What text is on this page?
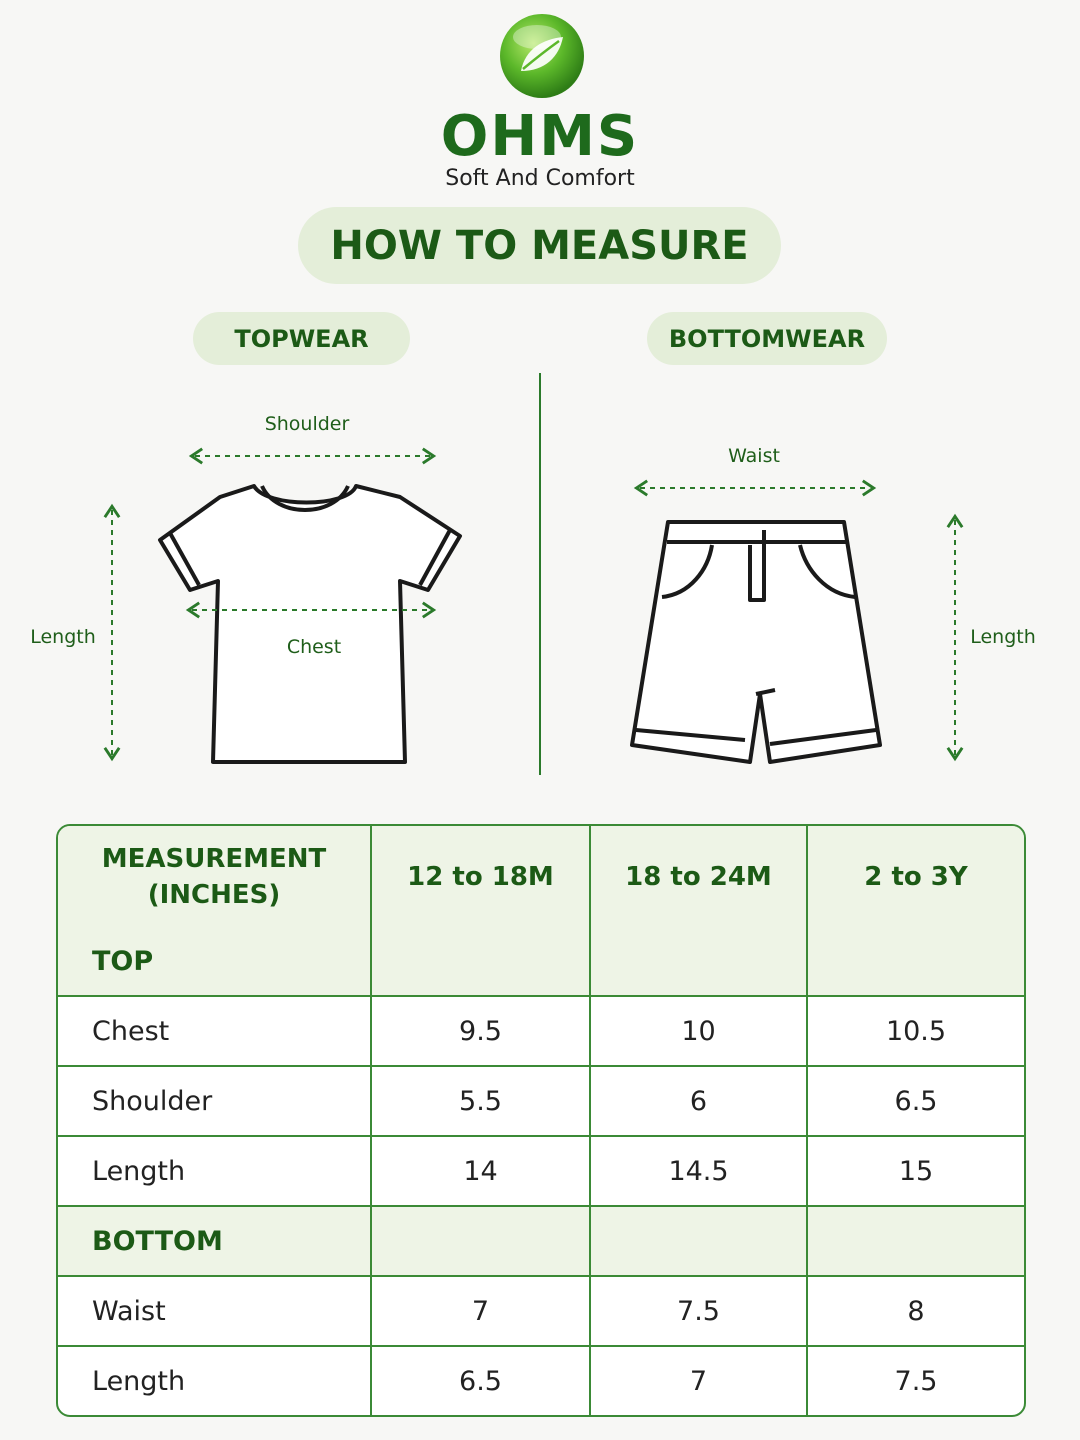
OHMS
Soft And Comfort
HOW TO MEASURE
TOPWEAR	BOTTOMWEAR
Shoulder
Chest
Length
Waist
Length
MEASUREMENT
(INCHES)	12 to 18M	18 to 24M	2 to 3Y
TOP			
Chest	9.5	10	10.5
Shoulder	5.5	6	6.5
Length	14	14.5	15
BOTTOM			
Waist	7	7.5	8
Length	6.5	7	7.5
